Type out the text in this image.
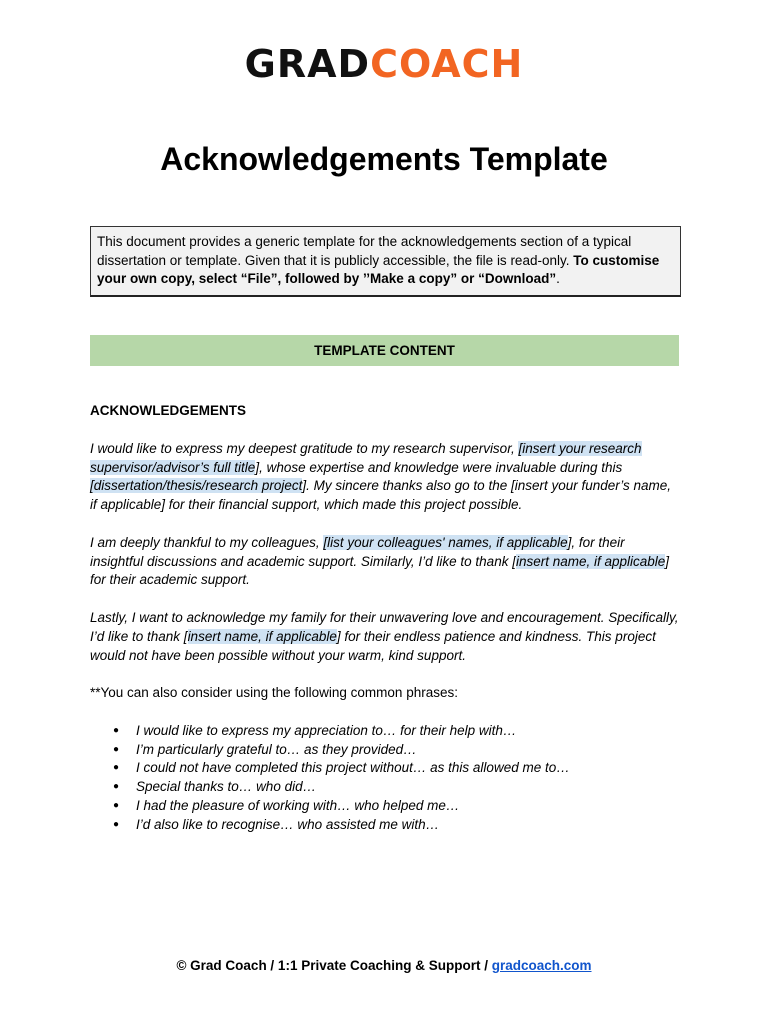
GRADCOACH
Acknowledgements Template
This document provides a generic template for the acknowledgements section of a typical dissertation or template. Given that it is publicly accessible, the file is read-only. To customise your own copy, select “File”, followed by ’’Make a copy” or “Download”.
TEMPLATE CONTENT
ACKNOWLEDGEMENTS
I would like to express my deepest gratitude to my research supervisor, [insert your research supervisor/advisor’s full title], whose expertise and knowledge were invaluable during this [dissertation/thesis/research project]. My sincere thanks also go to the [insert your funder’s name, if applicable] for their financial support, which made this project possible.
I am deeply thankful to my colleagues, [list your colleagues' names, if applicable], for their insightful discussions and academic support. Similarly, I’d like to thank [insert name, if applicable] for their academic support.
Lastly, I want to acknowledge my family for their unwavering love and encouragement. Specifically, I’d like to thank [insert name, if applicable] for their endless patience and kindness. This project would not have been possible without your warm, kind support.
**You can also consider using the following common phrases:
● I would like to express my appreciation to… for their help with…
● I’m particularly grateful to… as they provided…
● I could not have completed this project without… as this allowed me to…
● Special thanks to… who did…
● I had the pleasure of working with… who helped me…
● I’d also like to recognise… who assisted me with…
© Grad Coach / 1:1 Private Coaching & Support / gradcoach.com
